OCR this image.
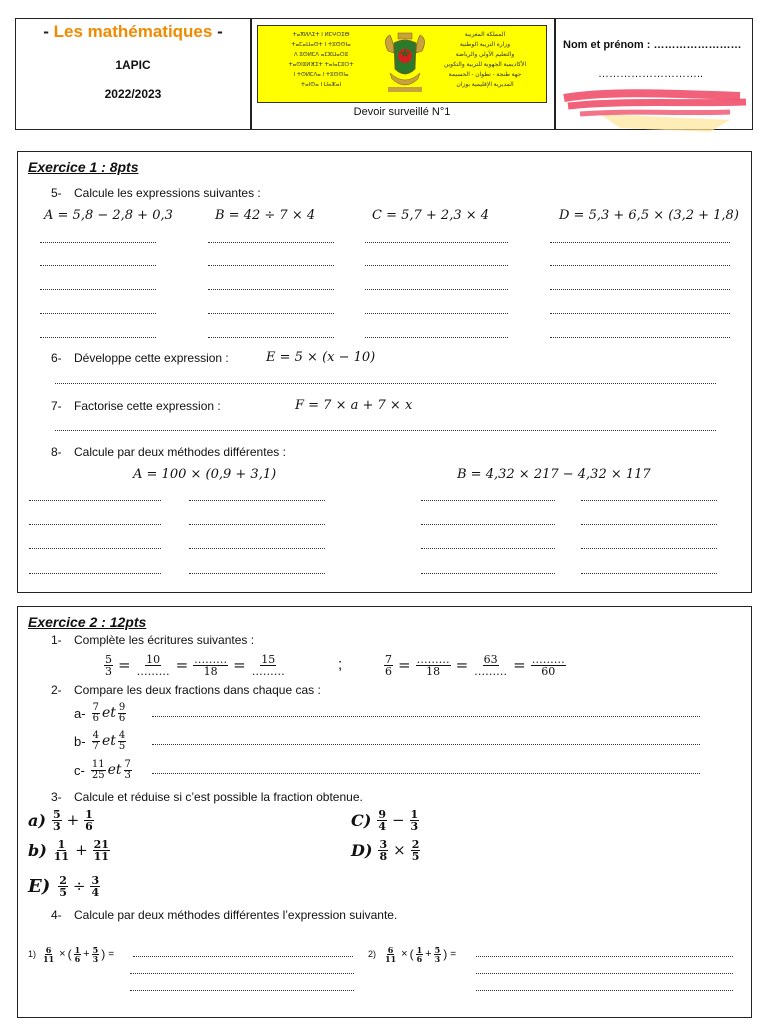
- Les mathématiques -
1APIC
2022/2023
ⵜⴰⴳⵍⴷⵉⵜ ⵏ ⵍⵎⵖⵔⵉⴱ
ⵜⴰⵎⴰⵡⴰⵙⵜ ⵏ ⵜⵓⵙⵙⵏⴰ
ⴷ ⵓⵙⵍⵎⴷ ⴰⵎⵣⵡⴰⵔⵓ
ⵜⴰⵙⵏⵓⵍⴼⵉⵜ ⵜⴰⵏⴰⵎⵓⵔⵜ
ⵏ ⵜⵙⵍⵎⴷⴰ ⵏ ⵜⵓⵙⵙⵏⴰ
ⵜⴰⵏⵙⴰ ⵏ ⵡⴰⵣⴰⵏ
المملكة المغربية
وزارة التربية الوطنية
والتعليم الأولي والرياضة
الأكاديمية الجهوية للتربية والتكوين
جهة طنجة - تطوان - الحسيمة
المديرية الإقليمية بوزان
Devoir surveillé N°1
Nom et prénom : ……………………
………………………..
Exercice 1 : 8pts
5- Calcule les expressions suivantes :
A = 5,8 − 2,8 + 0,3	B = 42 ÷ 7 × 4	C = 5,7 + 2,3 × 4	D = 5,3 + 6,5 × (3,2 + 1,8)
6- Développe cette expression :	E = 5 × (x − 10)
7- Factorise cette expression :	F = 7 × a + 7 × x
8- Calcule par deux méthodes différentes :
A = 100 × (0,9 + 3,1)	B = 4,32 × 217 − 4,32 × 117
Exercice 2 : 12pts
1- Complète les écritures suivantes :
$\frac{5}{3} = \frac{10}{\dots\dots\dots} = \frac{\dots\dots\dots}{18} = \frac{15}{\dots\dots\dots}$	;	$\frac{7}{6} = \frac{\dots\dots\dots}{18} = \frac{63}{\dots\dots\dots} = \frac{\dots\dots\dots}{60}$
2- Compare les deux fractions dans chaque cas :
$a- \frac{7}{6}$ et $\frac{9}{6}$
$b- \frac{4}{7}$ et $\frac{4}{5}$
$c- \frac{11}{25}$ et $\frac{7}{3}$
3- Calcule et réduise si c’est possible la fraction obtenue.
$a) \frac{5}{3} + \frac{1}{6}$	$C) \frac{9}{4} - \frac{1}{3}$
$b) \frac{1}{11} + \frac{21}{11}$	$D) \frac{3}{8} \times \frac{2}{5}$
$E) \frac{2}{5} \div \frac{3}{4}$
4- Calcule par deux méthodes différentes l’expression suivante.
$1) \frac{6}{11}$ × ( $\frac{1}{6} + \frac{5}{3}$ ) =	$2) \frac{6}{11}$ × ( $\frac{1}{6} + \frac{5}{3}$ ) =
